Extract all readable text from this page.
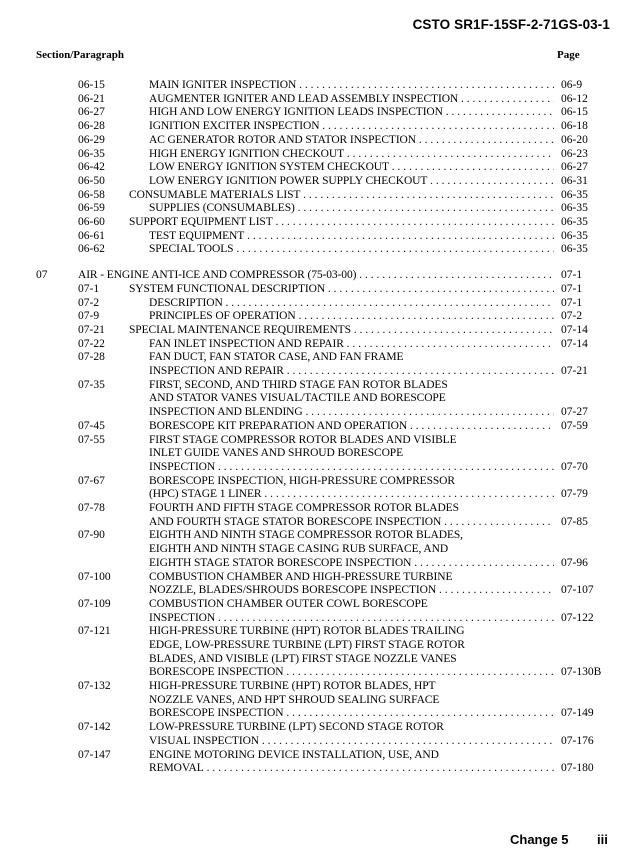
CSTO SR1F-15SF-2-71GS-03-1
Section/Paragraph	Page
06-15	MAIN IGNITER INSPECTION . . .	06-9
06-21	AUGMENTER IGNITER AND LEAD ASSEMBLY INSPECTION . . .	06-12
06-27	HIGH AND LOW ENERGY IGNITION LEADS INSPECTION . . .	06-15
06-28	IGNITION EXCITER INSPECTION . . .	06-18
06-29	AC GENERATOR ROTOR AND STATOR INSPECTION . . .	06-20
06-35	HIGH ENERGY IGNITION CHECKOUT . . .	06-23
06-42	LOW ENERGY IGNITION SYSTEM CHECKOUT . . .	06-27
06-50	LOW ENERGY IGNITION POWER SUPPLY CHECKOUT . . .	06-31
06-58 CONSUMABLE MATERIALS LIST . . .	06-35
06-59	SUPPLIES (CONSUMABLES) . . .	06-35
06-60 SUPPORT EQUIPMENT LIST . . .	06-35
06-61	TEST EQUIPMENT . . .	06-35
06-62	SPECIAL TOOLS . . .	06-35
07	AIR - ENGINE ANTI-ICE AND COMPRESSOR (75-03-00) . . .	07-1
07-1	SYSTEM FUNCTIONAL DESCRIPTION . . .	07-1
07-2	DESCRIPTION . . .	07-1
07-9	PRINCIPLES OF OPERATION . . .	07-2
07-21 SPECIAL MAINTENANCE REQUIREMENTS . . .	07-14
07-22	FAN INLET INSPECTION AND REPAIR . . .	07-14
07-28	FAN DUCT, FAN STATOR CASE, AND FAN FRAME
INSPECTION AND REPAIR . . .	07-21
07-35	FIRST, SECOND, AND THIRD STAGE FAN ROTOR BLADES
AND STATOR VANES VISUAL/TACTILE AND BORESCOPE
INSPECTION AND BLENDING . . .	07-27
07-45	BORESCOPE KIT PREPARATION AND OPERATION . . .	07-59
07-55	FIRST STAGE COMPRESSOR ROTOR BLADES AND VISIBLE
INLET GUIDE VANES AND SHROUD BORESCOPE
INSPECTION . . .	07-70
07-67	BORESCOPE INSPECTION, HIGH-PRESSURE COMPRESSOR
(HPC) STAGE 1 LINER . . .	07-79
07-78	FOURTH AND FIFTH STAGE COMPRESSOR ROTOR BLADES
AND FOURTH STAGE STATOR BORESCOPE INSPECTION . . .	07-85
07-90	EIGHTH AND NINTH STAGE COMPRESSOR ROTOR BLADES,
EIGHTH AND NINTH STAGE CASING RUB SURFACE, AND
EIGHTH STAGE STATOR BORESCOPE INSPECTION . . .	07-96
07-100	COMBUSTION CHAMBER AND HIGH-PRESSURE TURBINE
NOZZLE, BLADES/SHROUDS BORESCOPE INSPECTION . . .	07-107
07-109	COMBUSTION CHAMBER OUTER COWL BORESCOPE
INSPECTION . . .	07-122
07-121	HIGH-PRESSURE TURBINE (HPT) ROTOR BLADES TRAILING
EDGE, LOW-PRESSURE TURBINE (LPT) FIRST STAGE ROTOR
BLADES, AND VISIBLE (LPT) FIRST STAGE NOZZLE VANES
BORESCOPE INSPECTION . . .	07-130B
07-132	HIGH-PRESSURE TURBINE (HPT) ROTOR BLADES, HPT
NOZZLE VANES, AND HPT SHROUD SEALING SURFACE
BORESCOPE INSPECTION . . .	07-149
07-142	LOW-PRESSURE TURBINE (LPT) SECOND STAGE ROTOR
VISUAL INSPECTION . . .	07-176
07-147	ENGINE MOTORING DEVICE INSTALLATION, USE, AND
REMOVAL . . .	07-180
Change 5 iii
